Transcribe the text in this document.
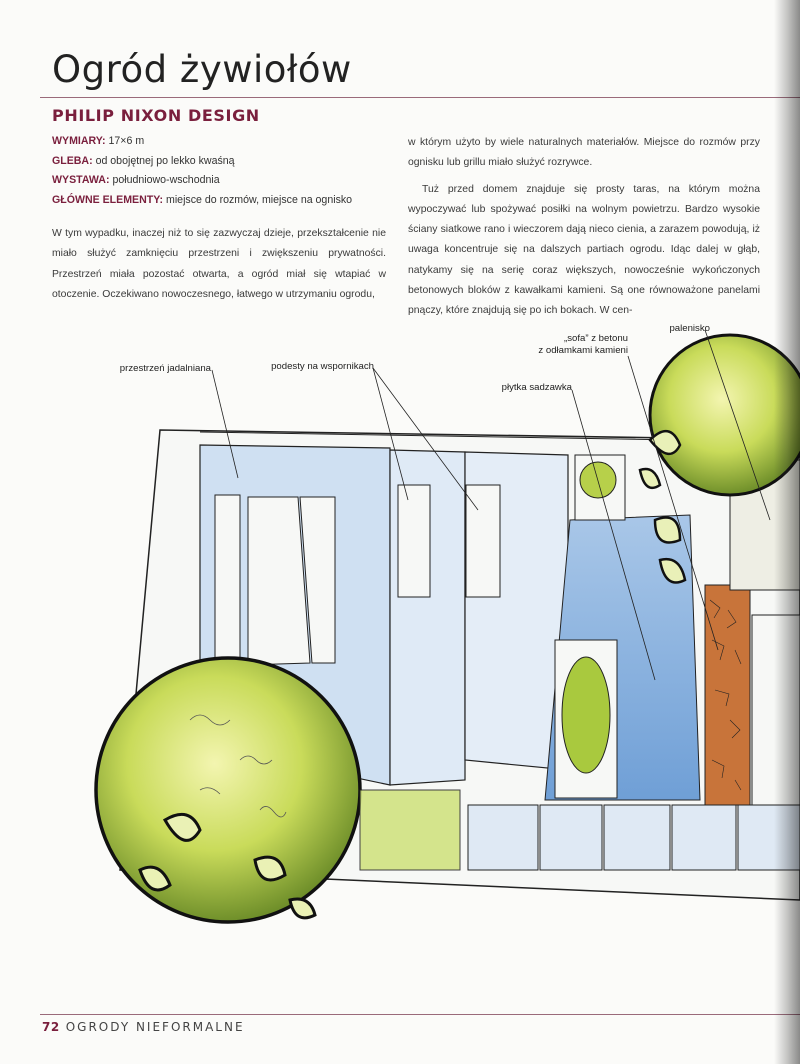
Ogród żywiołów
PHILIP NIXON DESIGN
WYMIARY: 17×6 m
GLEBA: od obojętnej po lekko kwaśną
WYSTAWA: południowo-wschodnia
GŁÓWNE ELEMENTY: miejsce do rozmów, miejsce na ognisko

W tym wypadku, inaczej niż to się zazwyczaj dzieje, przekształcenie nie miało służyć zamknięciu przestrzeni i zwiększeniu prywatności. Przestrzeń miała pozostać otwarta, a ogród miał się wtapiać w otoczenie. Oczekiwano nowoczesnego, łatwego w utrzymaniu ogrodu,

w którym użyto by wiele naturalnych materiałów. Miejsce do rozmów przy ognisku lub grillu miało służyć rozrywce.

Tuż przed domem znajduje się prosty taras, na którym można wypoczywać lub spożywać posiłki na wolnym powietrzu. Bardzo wysokie ściany siatkowe rano i wieczorem dają nieco cienia, a zarazem powodują, iż uwaga koncentruje się na dalszych partiach ogrodu. Idąc dalej w głąb, natykamy się na serię coraz większych, nowocześnie wykończonych betonowych bloków z kawałkami kamieni. Są one równoważone panelami pnączy, które znajdują się po ich bokach. W cen-

przestrzeń jadalniana	podesty na wspornikach
„sofa” z betonu
z odłamkami kamieni
palenisko
płytka sadzawka
72 OGRODY NIEFORMALNE
